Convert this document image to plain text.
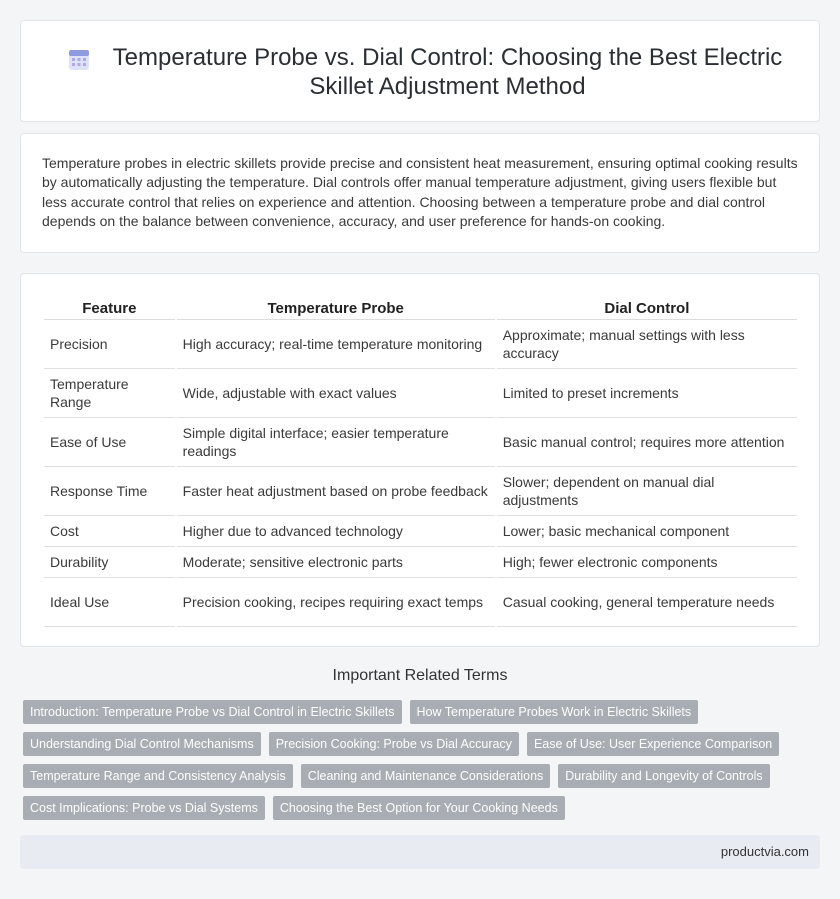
Temperature Probe vs. Dial Control: Choosing the Best Electric Skillet Adjustment Method

Temperature probes in electric skillets provide precise and consistent heat measurement, ensuring optimal cooking results by automatically adjusting the temperature. Dial controls offer manual temperature adjustment, giving users flexible but less accurate control that relies on experience and attention. Choosing between a temperature probe and dial control depends on the balance between convenience, accuracy, and user preference for hands-on cooking.

Feature	Temperature Probe	Dial Control
Precision	High accuracy; real-time temperature monitoring	Approximate; manual settings with less accuracy
Temperature Range	Wide, adjustable with exact values	Limited to preset increments
Ease of Use	Simple digital interface; easier temperature readings	Basic manual control; requires more attention
Response Time	Faster heat adjustment based on probe feedback	Slower; dependent on manual dial adjustments
Cost	Higher due to advanced technology	Lower; basic mechanical component
Durability	Moderate; sensitive electronic parts	High; fewer electronic components
Ideal Use	Precision cooking, recipes requiring exact temps	Casual cooking, general temperature needs
Important Related Terms
Introduction: Temperature Probe vs Dial Control in Electric Skillets	How Temperature Probes Work in Electric Skillets
Understanding Dial Control Mechanisms	Precision Cooking: Probe vs Dial Accuracy	Ease of Use: User Experience Comparison
Temperature Range and Consistency Analysis	Cleaning and Maintenance Considerations	Durability and Longevity of Controls
Cost Implications: Probe vs Dial Systems	Choosing the Best Option for Your Cooking Needs
productvia.com
